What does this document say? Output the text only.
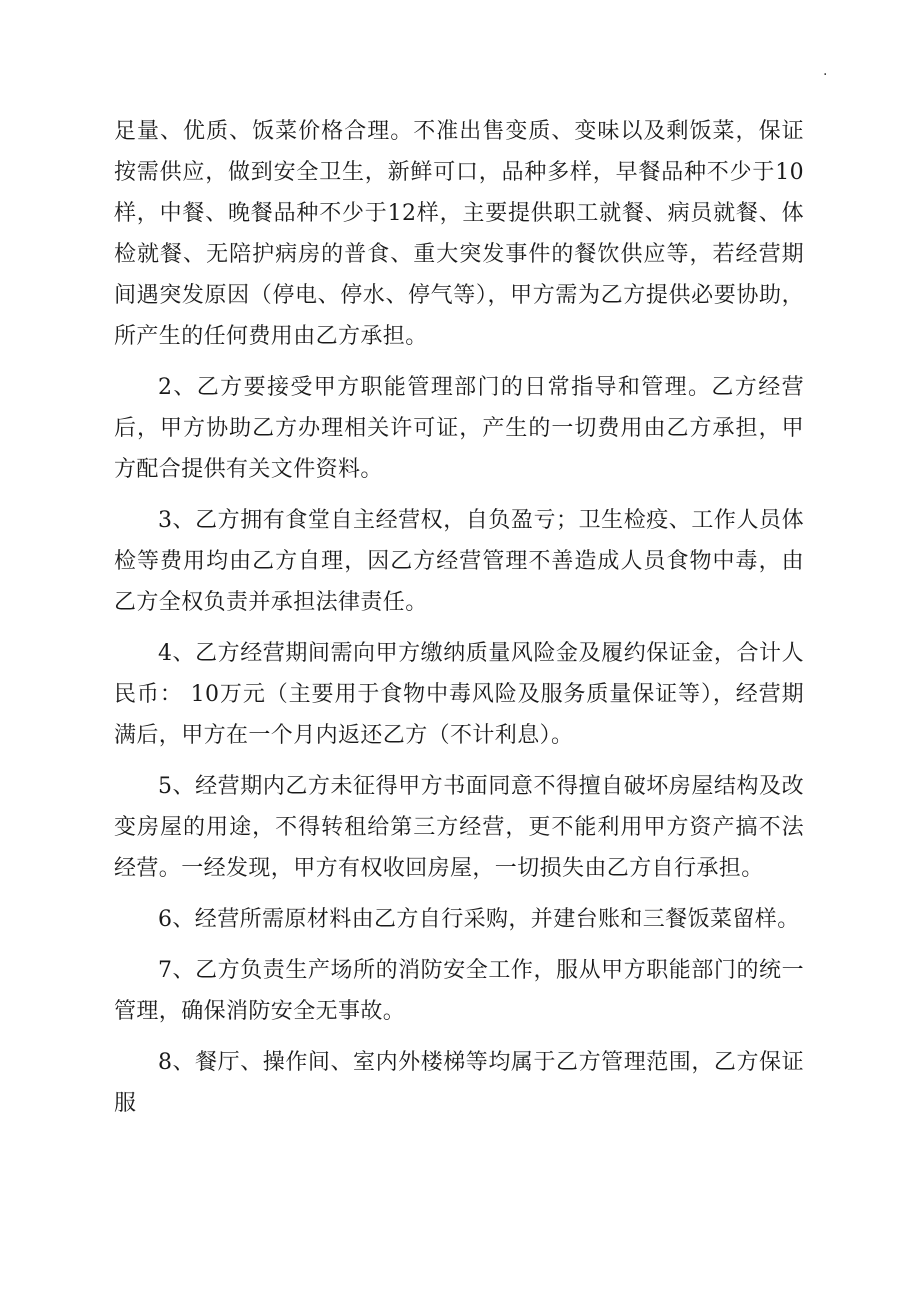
.

足量、优质、饭菜价格合理。不准出售变质、变味以及剩饭菜，保证按需供应，做到安全卫生，新鲜可口，品种多样，早餐品种不少于10样，中餐、晚餐品种不少于12样，主要提供职工就餐、病员就餐、体检就餐、无陪护病房的普食、重大突发事件的餐饮供应等，若经营期间遇突发原因（停电、停水、停气等），甲方需为乙方提供必要协助，所产生的任何费用由乙方承担。

2、乙方要接受甲方职能管理部门的日常指导和管理。乙方经营后，甲方协助乙方办理相关许可证，产生的一切费用由乙方承担，甲方配合提供有关文件资料。

3、乙方拥有食堂自主经营权，自负盈亏；卫生检疫、工作人员体检等费用均由乙方自理，因乙方经营管理不善造成人员食物中毒，由乙方全权负责并承担法律责任。

4、乙方经营期间需向甲方缴纳质量风险金及履约保证金，合计人民币： 10万元（主要用于食物中毒风险及服务质量保证等），经营期满后，甲方在一个月内返还乙方（不计利息）。

5、经营期内乙方未征得甲方书面同意不得擅自破坏房屋结构及改变房屋的用途，不得转租给第三方经营，更不能利用甲方资产搞不法经营。一经发现，甲方有权收回房屋，一切损失由乙方自行承担。

6、经营所需原材料由乙方自行采购，并建台账和三餐饭菜留样。

7、乙方负责生产场所的消防安全工作，服从甲方职能部门的统一管理，确保消防安全无事故。

8、餐厅、操作间、室内外楼梯等均属于乙方管理范围，乙方保证服
